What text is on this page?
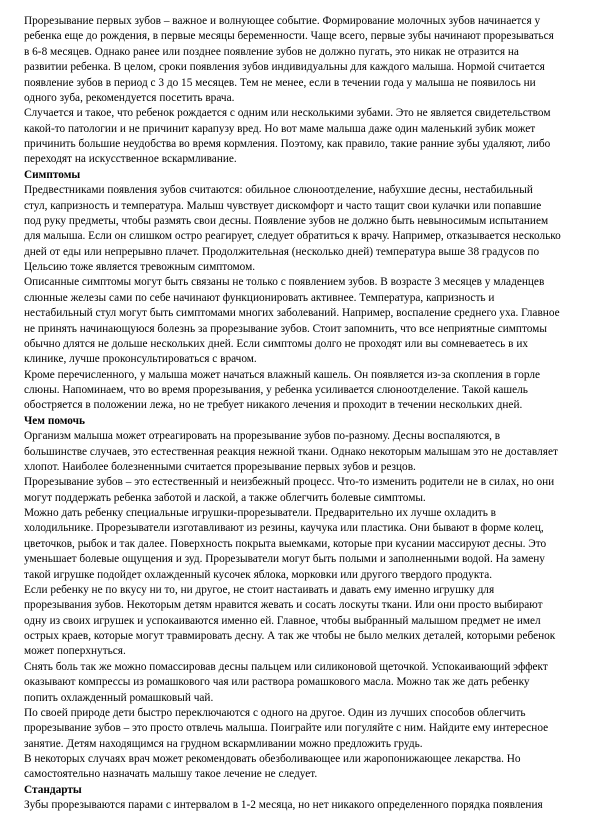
Прорезывание первых зубов – важное и волнующее событие. Формирование молочных зубов начинается у
ребенка еще до рождения, в первые месяцы беременности. Чаще всего, первые зубы начинают прорезываться
в 6-8 месяцев. Однако ранее или позднее появление зубов не должно пугать, это никак не отразится на
развитии ребенка. В целом, сроки появления зубов индивидуальны для каждого малыша. Нормой считается
появление зубов в период с 3 до 15 месяцев. Тем не менее, если в течении года у малыша не появилось ни
одного зуба, рекомендуется посетить врача.
Случается и такое, что ребенок рождается с одним или несколькими зубами. Это не является свидетельством
какой-то патологии и не причинит карапузу вред. Но вот маме малыша даже один маленький зубик может
причинить большие неудобства во время кормления. Поэтому, как правило, такие ранние зубы удаляют, либо
переходят на искусственное вскармливание.
Симптомы
Предвестниками появления зубов считаются: обильное слюноотделение, набухшие десны, нестабильный
стул, капризность и температура. Малыш чувствует дискомфорт и часто тащит свои кулачки или попавшие
под руку предметы, чтобы размять свои десны. Появление зубов не должно быть невыносимым испытанием
для малыша. Если он слишком остро реагирует, следует обратиться к врачу. Например, отказывается несколько
дней от еды или непрерывно плачет. Продолжительная (несколько дней) температура выше 38 градусов по
Цельсию тоже является тревожным симптомом.
Описанные симптомы могут быть связаны не только с появлением зубов. В возрасте 3 месяцев у младенцев
слюнные железы сами по себе начинают функционировать активнее. Температура, капризность и
нестабильный стул могут быть симптомами многих заболеваний. Например, воспаление среднего уха. Главное
не принять начинающуюся болезнь за прорезывание зубов. Стоит запомнить, что все неприятные симптомы
обычно длятся не дольше нескольких дней. Если симптомы долго не проходят или вы сомневаетесь в их
клинике, лучше проконсультироваться с врачом.
Кроме перечисленного, у малыша может начаться влажный кашель. Он появляется из-за скопления в горле
слюны. Напоминаем, что во время прорезывания, у ребенка усиливается слюноотделение. Такой кашель
обостряется в положении лежа, но не требует никакого лечения и проходит в течении нескольких дней.
Чем помочь
Организм малыша может отреагировать на прорезывание зубов по-разному. Десны воспаляются, в
большинстве случаев, это естественная реакция нежной ткани. Однако некоторым малышам это не доставляет
хлопот. Наиболее болезненными считается прорезывание первых зубов и резцов.
Прорезывание зубов – это естественный и неизбежный процесс. Что-то изменить родители не в силах, но они
могут поддержать ребенка заботой и лаской, а также облегчить болевые симптомы.
Можно дать ребенку специальные игрушки-прорезыватели. Предварительно их лучше охладить в
холодильнике. Прорезыватели изготавливают из резины, каучука или пластика. Они бывают в форме колец,
цветочков, рыбок и так далее. Поверхность покрыта выемками, которые при кусании массируют десны. Это
уменьшает болевые ощущения и зуд. Прорезыватели могут быть полыми и заполненными водой. На замену
такой игрушке подойдет охлажденный кусочек яблока, морковки или другого твердого продукта.
Если ребенку не по вкусу ни то, ни другое, не стоит настаивать и давать ему именно игрушку для
прорезывания зубов. Некоторым детям нравится жевать и сосать лоскуты ткани. Или они просто выбирают
одну из своих игрушек и успокаиваются именно ей. Главное, чтобы выбранный малышом предмет не имел
острых краев, которые могут травмировать десну. А так же чтобы не было мелких деталей, которыми ребенок
может поперхнуться.
Снять боль так же можно помассировав десны пальцем или силиконовой щеточкой. Успокаивающий эффект
оказывают компрессы из ромашкового чая или раствора ромашкового масла. Можно так же дать ребенку
попить охлажденный ромашковый чай.
По своей природе дети быстро переключаются с одного на другое. Один из лучших способов облегчить
прорезывание зубов – это просто отвлечь малыша. Поиграйте или погуляйте с ним. Найдите ему интересное
занятие. Детям находящимся на грудном вскармливании можно предложить грудь.
В некоторых случаях врач может рекомендовать обезболивающее или жаропонижающее лекарства. Но
самостоятельно назначать малышу такое лечение не следует.
Стандарты
Зубы прорезываются парами с интервалом в 1-2 месяца, но нет никакого определенного порядка появления
